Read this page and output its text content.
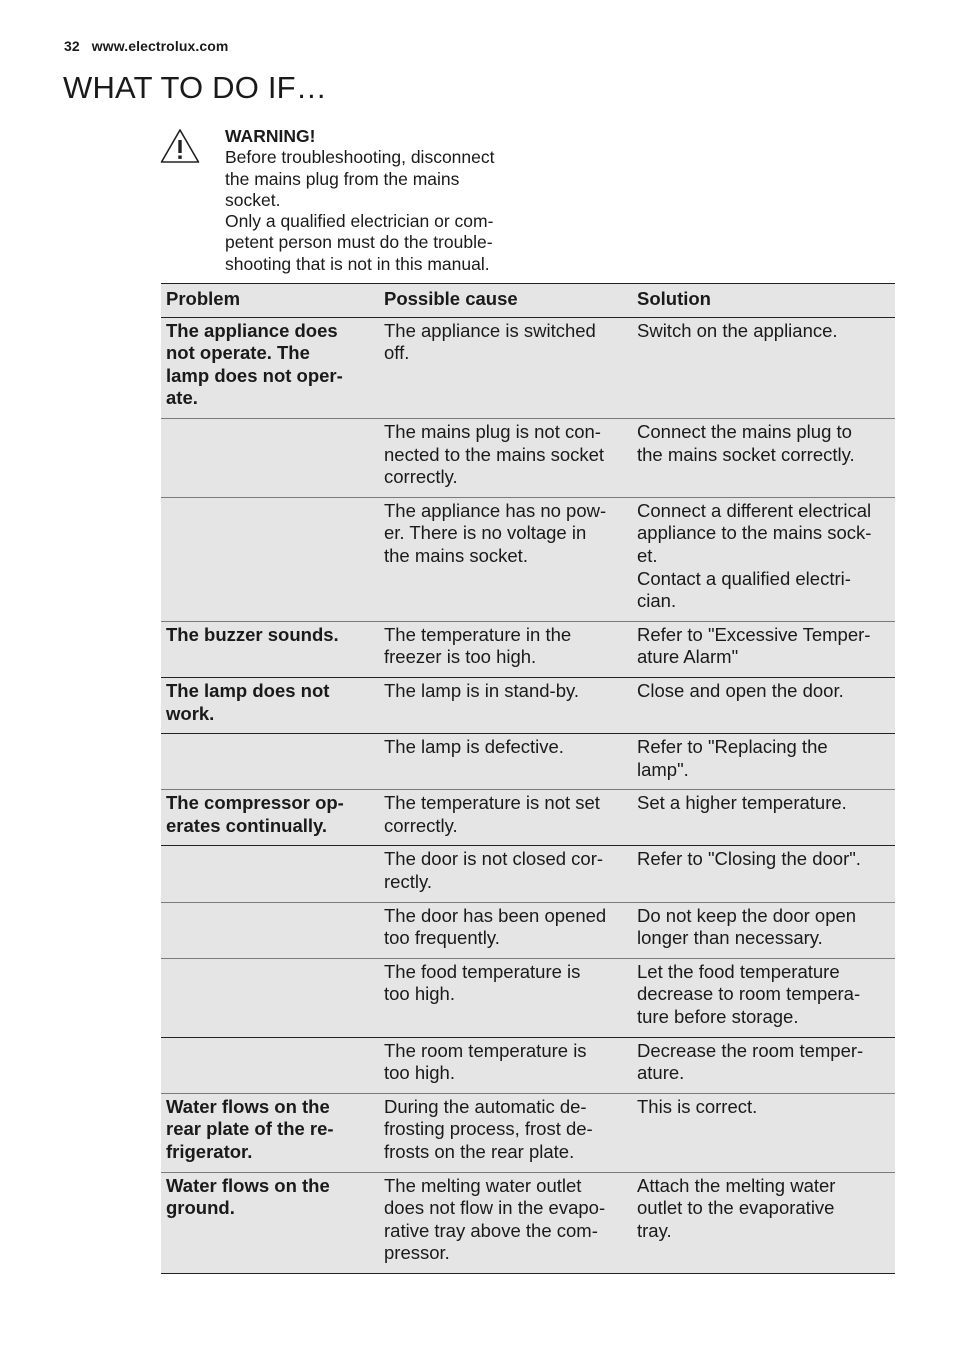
32 www.electrolux.com
WHAT TO DO IF…
WARNING!
Before troubleshooting, disconnect
the mains plug from the mains
socket.
Only a qualified electrician or com-
petent person must do the trouble-
shooting that is not in this manual.
Problem	Possible cause	Solution

The appliance does
not operate. The
lamp does not oper-
ate.	The appliance is switched
off.	Switch on the appliance.

	The mains plug is not con-
nected to the mains socket
correctly.	Connect the mains plug to
the mains socket correctly.

	The appliance has no pow-
er. There is no voltage in
the mains socket.	Connect a different electrical
appliance to the mains sock-
et.
Contact a qualified electri-
cian.

The buzzer sounds.	The temperature in the
freezer is too high.	Refer to "Excessive Temper-
ature Alarm"

The lamp does not
work.	The lamp is in stand-by.	Close and open the door.

	The lamp is defective.	Refer to "Replacing the
lamp".

The compressor op-
erates continually.	The temperature is not set
correctly.	Set a higher temperature.

	The door is not closed cor-
rectly.	Refer to "Closing the door".

	The door has been opened
too frequently.	Do not keep the door open
longer than necessary.

	The food temperature is
too high.	Let the food temperature
decrease to room tempera-
ture before storage.

	The room temperature is
too high.	Decrease the room temper-
ature.

Water flows on the
rear plate of the re-
frigerator.	During the automatic de-
frosting process, frost de-
frosts on the rear plate.	This is correct.

Water flows on the
ground.	The melting water outlet
does not flow in the evapo-
rative tray above the com-
pressor.	Attach the melting water
outlet to the evaporative
tray.
